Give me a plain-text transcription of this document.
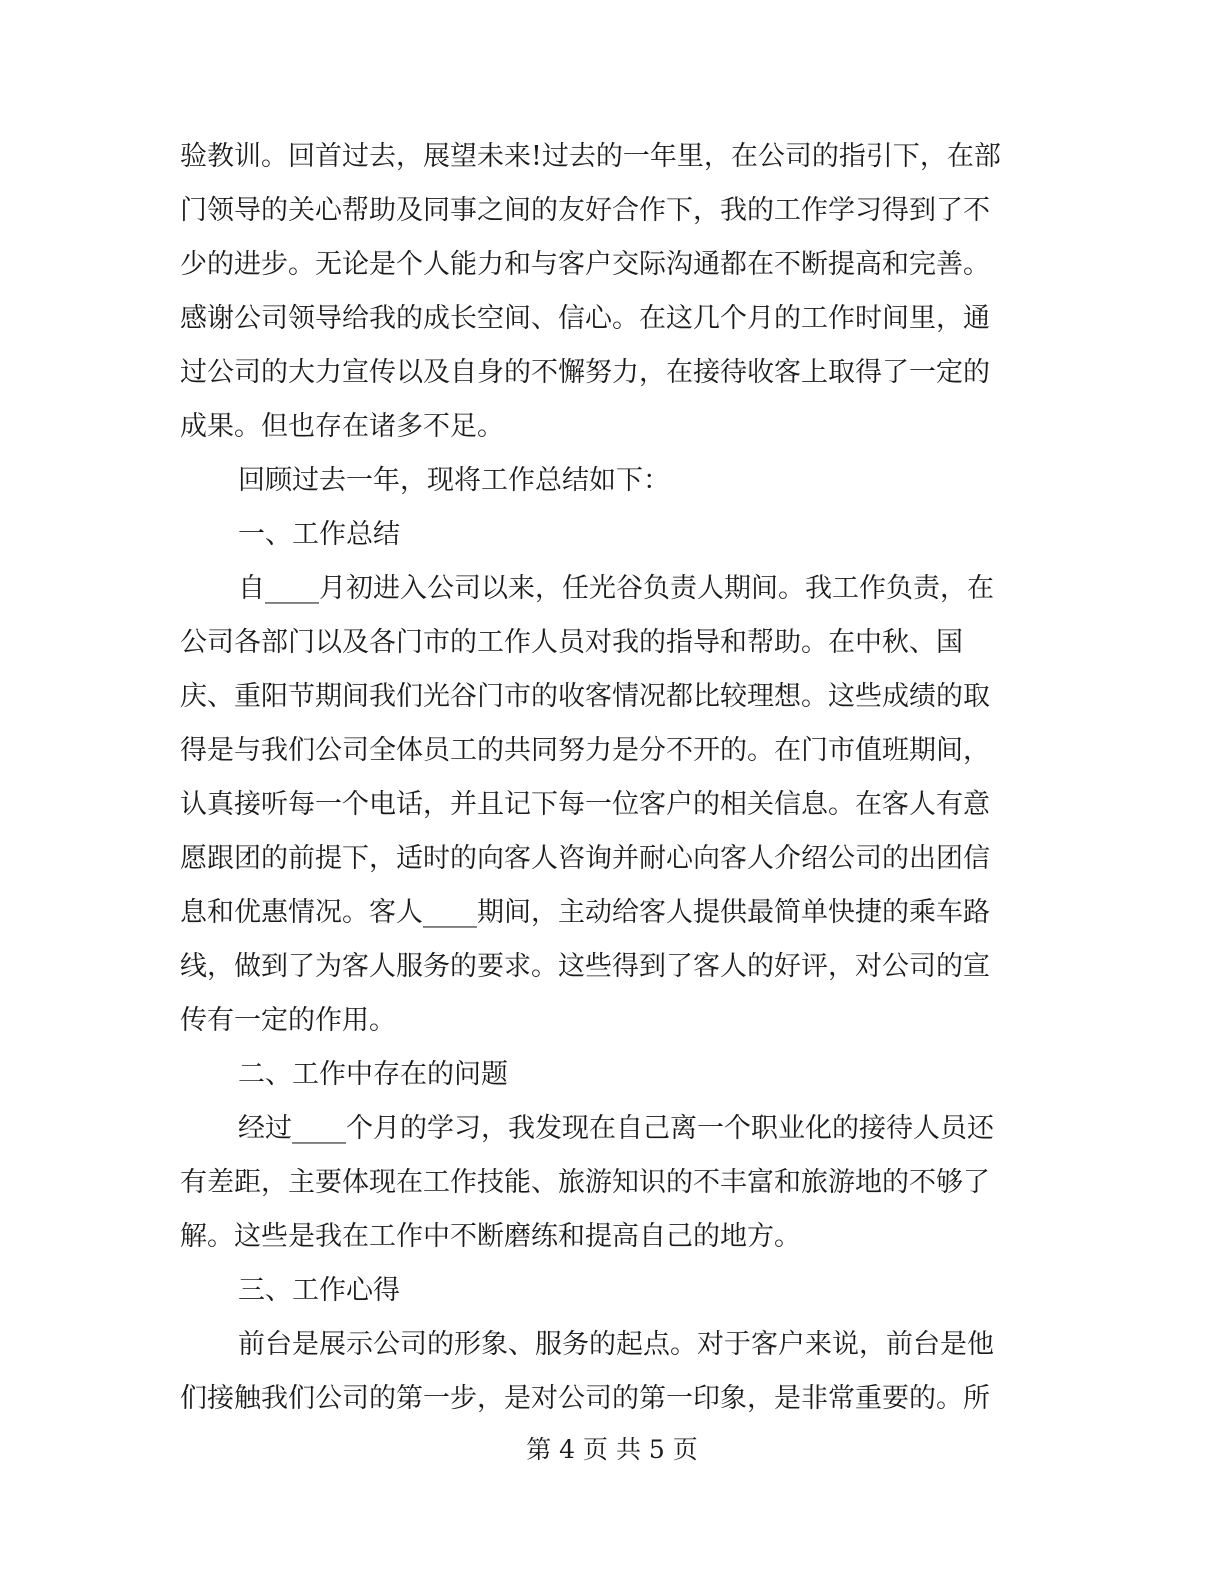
验教训。回首过去，展望未来!过去的一年里，在公司的指引下，在部
门领导的关心帮助及同事之间的友好合作下，我的工作学习得到了不
少的进步。无论是个人能力和与客户交际沟通都在不断提高和完善。
感谢公司领导给我的成长空间、信心。在这几个月的工作时间里，通
过公司的大力宣传以及自身的不懈努力，在接待收客上取得了一定的
成果。但也存在诸多不足。
回顾过去一年，现将工作总结如下：
一、工作总结
自____月初进入公司以来，任光谷负责人期间。我工作负责，在
公司各部门以及各门市的工作人员对我的指导和帮助。在中秋、国
庆、重阳节期间我们光谷门市的收客情况都比较理想。这些成绩的取
得是与我们公司全体员工的共同努力是分不开的。在门市值班期间，
认真接听每一个电话，并且记下每一位客户的相关信息。在客人有意
愿跟团的前提下，适时的向客人咨询并耐心向客人介绍公司的出团信
息和优惠情况。客人____期间，主动给客人提供最简单快捷的乘车路
线，做到了为客人服务的要求。这些得到了客人的好评，对公司的宣
传有一定的作用。
二、工作中存在的问题
经过____个月的学习，我发现在自己离一个职业化的接待人员还
有差距，主要体现在工作技能、旅游知识的不丰富和旅游地的不够了
解。这些是我在工作中不断磨练和提高自己的地方。
三、工作心得
前台是展示公司的形象、服务的起点。对于客户来说，前台是他
们接触我们公司的第一步，是对公司的第一印象，是非常重要的。所
第 4 页 共 5 页
